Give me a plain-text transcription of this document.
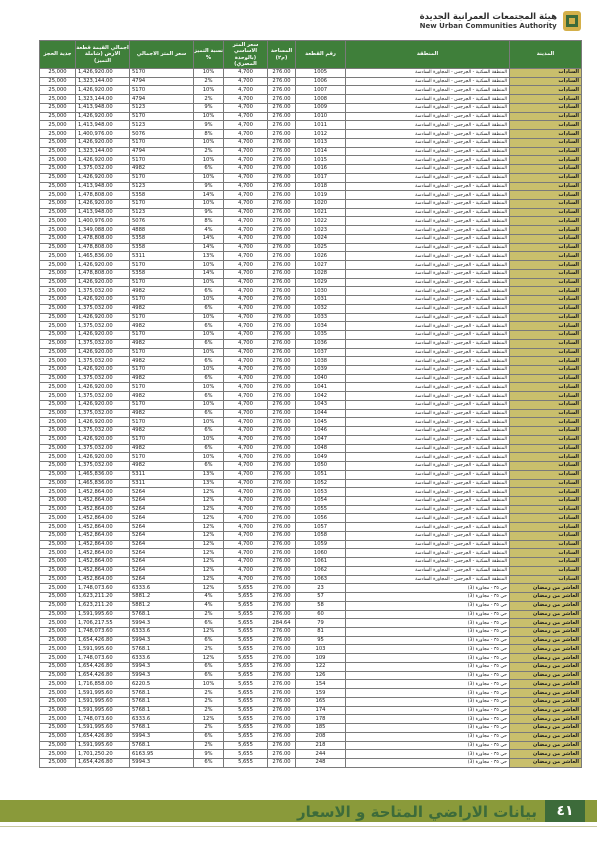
هيئة المجتمعات العمرانية الجديدة
New Urban Communities Authority
المدينة	المنطقة	رقم القطعة	المساحة (م٢)	سعر المتر الاساسي (بالوحدة المصري)	نسبة التميز %	سعر المتر الاجمالي	اجمالي القيمة قطعة الارض (شاملة التميز)	جدية الحجز
السادات	المنطقة السكنية - الجرجس - المجاورة السادسة	1005	276.00	4,700	10%	5170	1,426,920.00	25,000
السادات	المنطقة السكنية - الجرجس - المجاورة السادسة	1006	276.00	4,700	2%	4794	1,323,144.00	25,000
السادات	المنطقة السكنية - الجرجس - المجاورة السادسة	1007	276.00	4,700	10%	5170	1,426,920.00	25,000
السادات	المنطقة السكنية - الجرجس - المجاورة السادسة	1008	276.00	4,700	2%	4794	1,323,144.00	25,000
السادات	المنطقة السكنية - الجرجس - المجاورة السادسة	1009	276.00	4,700	9%	5123	1,413,948.00	25,000
السادات	المنطقة السكنية - الجرجس - المجاورة السادسة	1010	276.00	4,700	10%	5170	1,426,920.00	25,000
السادات	المنطقة السكنية - الجرجس - المجاورة السادسة	1011	276.00	4,700	9%	5123	1,413,948.00	25,000
السادات	المنطقة السكنية - الجرجس - المجاورة السادسة	1012	276.00	4,700	8%	5076	1,400,976.00	25,000
السادات	المنطقة السكنية - الجرجس - المجاورة السادسة	1013	276.00	4,700	10%	5170	1,426,920.00	25,000
السادات	المنطقة السكنية - الجرجس - المجاورة السادسة	1014	276.00	4,700	2%	4794	1,323,144.00	25,000
السادات	المنطقة السكنية - الجرجس - المجاورة السادسة	1015	276.00	4,700	10%	5170	1,426,920.00	25,000
السادات	المنطقة السكنية - الجرجس - المجاورة السادسة	1016	276.00	4,700	6%	4982	1,375,032.00	25,000
السادات	المنطقة السكنية - الجرجس - المجاورة السادسة	1017	276.00	4,700	10%	5170	1,426,920.00	25,000
السادات	المنطقة السكنية - الجرجس - المجاورة السادسة	1018	276.00	4,700	9%	5123	1,413,948.00	25,000
السادات	المنطقة السكنية - الجرجس - المجاورة السادسة	1019	276.00	4,700	14%	5358	1,478,808.00	25,000
السادات	المنطقة السكنية - الجرجس - المجاورة السادسة	1020	276.00	4,700	10%	5170	1,426,920.00	25,000
السادات	المنطقة السكنية - الجرجس - المجاورة السادسة	1021	276.00	4,700	9%	5123	1,413,948.00	25,000
السادات	المنطقة السكنية - الجرجس - المجاورة السادسة	1022	276.00	4,700	8%	5076	1,400,976.00	25,000
السادات	المنطقة السكنية - الجرجس - المجاورة السادسة	1023	276.00	4,700	4%	4888	1,349,088.00	25,000
السادات	المنطقة السكنية - الجرجس - المجاورة السادسة	1024	276.00	4,700	14%	5358	1,478,808.00	25,000
السادات	المنطقة السكنية - الجرجس - المجاورة السادسة	1025	276.00	4,700	14%	5358	1,478,808.00	25,000
السادات	المنطقة السكنية - الجرجس - المجاورة السادسة	1026	276.00	4,700	13%	5311	1,465,836.00	25,000
السادات	المنطقة السكنية - الجرجس - المجاورة السادسة	1027	276.00	4,700	10%	5170	1,426,920.00	25,000
السادات	المنطقة السكنية - الجرجس - المجاورة السادسة	1028	276.00	4,700	14%	5358	1,478,808.00	25,000
السادات	المنطقة السكنية - الجرجس - المجاورة السادسة	1029	276.00	4,700	10%	5170	1,426,920.00	25,000
السادات	المنطقة السكنية - الجرجس - المجاورة السادسة	1030	276.00	4,700	6%	4982	1,375,032.00	25,000
السادات	المنطقة السكنية - الجرجس - المجاورة السادسة	1031	276.00	4,700	10%	5170	1,426,920.00	25,000
السادات	المنطقة السكنية - الجرجس - المجاورة السادسة	1032	276.00	4,700	6%	4982	1,375,032.00	25,000
السادات	المنطقة السكنية - الجرجس - المجاورة السادسة	1033	276.00	4,700	10%	5170	1,426,920.00	25,000
السادات	المنطقة السكنية - الجرجس - المجاورة السادسة	1034	276.00	4,700	6%	4982	1,375,032.00	25,000
السادات	المنطقة السكنية - الجرجس - المجاورة السادسة	1035	276.00	4,700	10%	5170	1,426,920.00	25,000
السادات	المنطقة السكنية - الجرجس - المجاورة السادسة	1036	276.00	4,700	6%	4982	1,375,032.00	25,000
السادات	المنطقة السكنية - الجرجس - المجاورة السادسة	1037	276.00	4,700	10%	5170	1,426,920.00	25,000
السادات	المنطقة السكنية - الجرجس - المجاورة السادسة	1038	276.00	4,700	6%	4982	1,375,032.00	25,000
السادات	المنطقة السكنية - الجرجس - المجاورة السادسة	1039	276.00	4,700	10%	5170	1,426,920.00	25,000
السادات	المنطقة السكنية - الجرجس - المجاورة السادسة	1040	276.00	4,700	6%	4982	1,375,032.00	25,000
السادات	المنطقة السكنية - الجرجس - المجاورة السادسة	1041	276.00	4,700	10%	5170	1,426,920.00	25,000
السادات	المنطقة السكنية - الجرجس - المجاورة السادسة	1042	276.00	4,700	6%	4982	1,375,032.00	25,000
السادات	المنطقة السكنية - الجرجس - المجاورة السادسة	1043	276.00	4,700	10%	5170	1,426,920.00	25,000
السادات	المنطقة السكنية - الجرجس - المجاورة السادسة	1044	276.00	4,700	6%	4982	1,375,032.00	25,000
السادات	المنطقة السكنية - الجرجس - المجاورة السادسة	1045	276.00	4,700	10%	5170	1,426,920.00	25,000
السادات	المنطقة السكنية - الجرجس - المجاورة السادسة	1046	276.00	4,700	6%	4982	1,375,032.00	25,000
السادات	المنطقة السكنية - الجرجس - المجاورة السادسة	1047	276.00	4,700	10%	5170	1,426,920.00	25,000
السادات	المنطقة السكنية - الجرجس - المجاورة السادسة	1048	276.00	4,700	6%	4982	1,375,032.00	25,000
السادات	المنطقة السكنية - الجرجس - المجاورة السادسة	1049	276.00	4,700	10%	5170	1,426,920.00	25,000
السادات	المنطقة السكنية - الجرجس - المجاورة السادسة	1050	276.00	4,700	6%	4982	1,375,032.00	25,000
السادات	المنطقة السكنية - الجرجس - المجاورة السادسة	1051	276.00	4,700	13%	5311	1,465,836.00	25,000
السادات	المنطقة السكنية - الجرجس - المجاورة السادسة	1052	276.00	4,700	13%	5311	1,465,836.00	25,000
السادات	المنطقة السكنية - الجرجس - المجاورة السادسة	1053	276.00	4,700	12%	5264	1,452,864.00	25,000
السادات	المنطقة السكنية - الجرجس - المجاورة السادسة	1054	276.00	4,700	12%	5264	1,452,864.00	25,000
السادات	المنطقة السكنية - الجرجس - المجاورة السادسة	1055	276.00	4,700	12%	5264	1,452,864.00	25,000
السادات	المنطقة السكنية - الجرجس - المجاورة السادسة	1056	276.00	4,700	12%	5264	1,452,864.00	25,000
السادات	المنطقة السكنية - الجرجس - المجاورة السادسة	1057	276.00	4,700	12%	5264	1,452,864.00	25,000
السادات	المنطقة السكنية - الجرجس - المجاورة السادسة	1058	276.00	4,700	12%	5264	1,452,864.00	25,000
السادات	المنطقة السكنية - الجرجس - المجاورة السادسة	1059	276.00	4,700	12%	5264	1,452,864.00	25,000
السادات	المنطقة السكنية - الجرجس - المجاورة السادسة	1060	276.00	4,700	12%	5264	1,452,864.00	25,000
السادات	المنطقة السكنية - الجرجس - المجاورة السادسة	1061	276.00	4,700	12%	5264	1,452,864.00	25,000
السادات	المنطقة السكنية - الجرجس - المجاورة السادسة	1062	276.00	4,700	12%	5264	1,452,864.00	25,000
السادات	المنطقة السكنية - الجرجس - المجاورة السادسة	1063	276.00	4,700	12%	5264	1,452,864.00	25,000
العاشر من رمضان	حي ٣٥ - مجاورة (3)	23	276.00	5,655	12%	6333.6	1,748,073.60	25,000
العاشر من رمضان	حي ٣٥ - مجاورة (3)	57	276.00	5,655	4%	5881.2	1,623,211.20	25,000
العاشر من رمضان	حي ٣٥ - مجاورة (3)	58	276.00	5,655	4%	5881.2	1,623,211.20	25,000
العاشر من رمضان	حي ٣٥ - مجاورة (3)	60	276.00	5,655	2%	5768.1	1,591,995.60	25,000
العاشر من رمضان	حي ٣٥ - مجاورة (3)	79	284.64	5,655	6%	5994.3	1,706,217.55	25,000
العاشر من رمضان	حي ٣٥ - مجاورة (3)	81	276.00	5,655	12%	6333.6	1,748,073.60	25,000
العاشر من رمضان	حي ٣٥ - مجاورة (3)	95	276.00	5,655	6%	5994.3	1,654,426.80	25,000
العاشر من رمضان	حي ٣٥ - مجاورة (3)	103	276.00	5,655	2%	5768.1	1,591,995.60	25,000
العاشر من رمضان	حي ٣٥ - مجاورة (3)	109	276.00	5,655	12%	6333.6	1,748,073.60	25,000
العاشر من رمضان	حي ٣٥ - مجاورة (3)	122	276.00	5,655	6%	5994.3	1,654,426.80	25,000
العاشر من رمضان	حي ٣٥ - مجاورة (3)	126	276.00	5,655	6%	5994.3	1,654,426.80	25,000
العاشر من رمضان	حي ٣٥ - مجاورة (3)	154	276.00	5,655	10%	6220.5	1,716,858.00	25,000
العاشر من رمضان	حي ٣٥ - مجاورة (3)	159	276.00	5,655	2%	5768.1	1,591,995.60	25,000
العاشر من رمضان	حي ٣٥ - مجاورة (3)	165	276.00	5,655	2%	5768.1	1,591,995.60	25,000
العاشر من رمضان	حي ٣٥ - مجاورة (3)	174	276.00	5,655	2%	5768.1	1,591,995.60	25,000
العاشر من رمضان	حي ٣٥ - مجاورة (3)	178	276.00	5,655	12%	6333.6	1,748,073.60	25,000
العاشر من رمضان	حي ٣٥ - مجاورة (3)	185	276.00	5,655	2%	5768.1	1,591,995.60	25,000
العاشر من رمضان	حي ٣٥ - مجاورة (3)	208	276.00	5,655	6%	5994.3	1,654,426.80	25,000
العاشر من رمضان	حي ٣٥ - مجاورة (3)	218	276.00	5,655	2%	5768.1	1,591,995.60	25,000
العاشر من رمضان	حي ٣٥ - مجاورة (3)	244	276.00	5,655	9%	6163.95	1,701,250.20	25,000
العاشر من رمضان	حي ٣٥ - مجاورة (3)	248	276.00	5,655	6%	5994.3	1,654,426.80	25,000
بيانات الاراضي المتاحة و الاسعار	٤١
